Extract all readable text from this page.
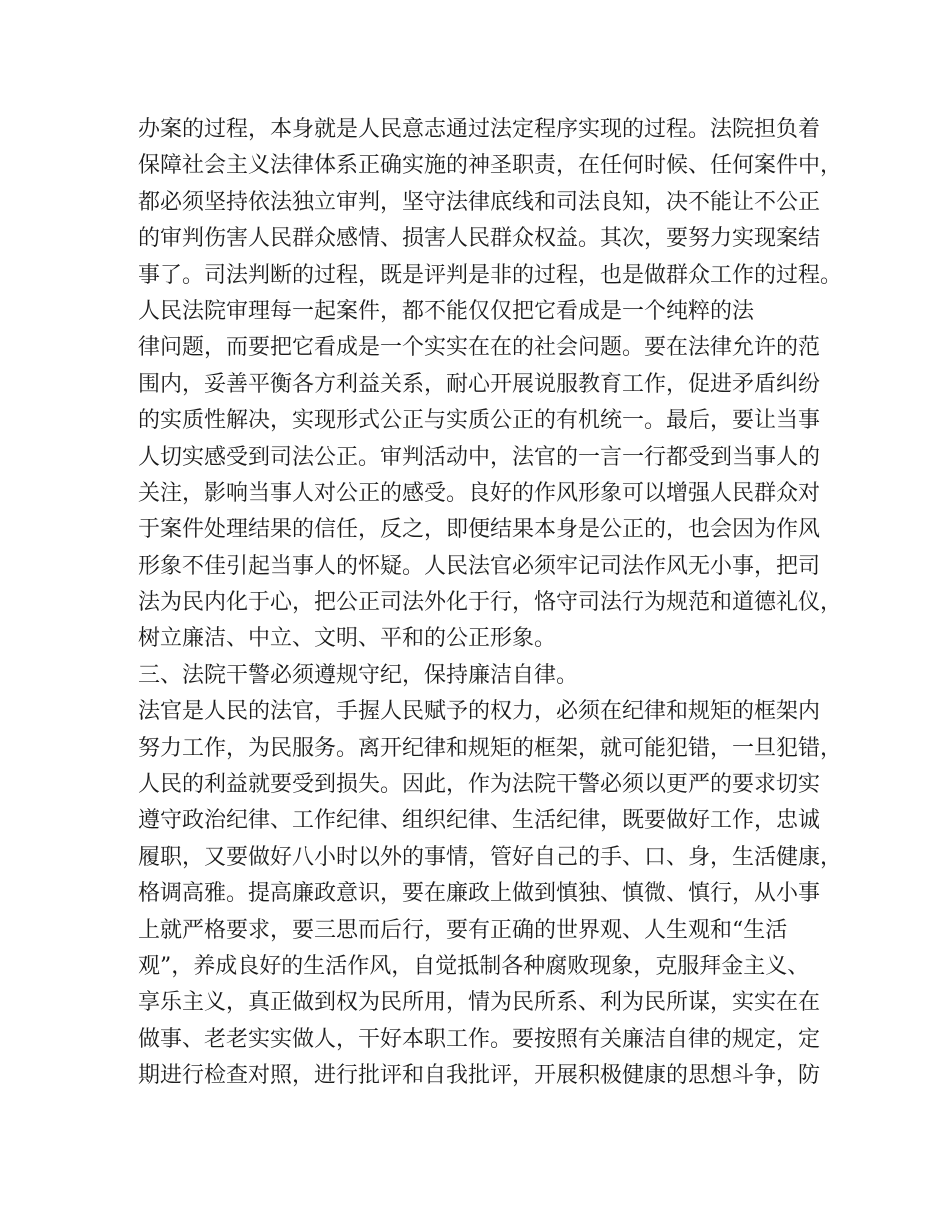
办案的过程，本身就是人民意志通过法定程序实现的过程。法院担负着
保障社会主义法律体系正确实施的神圣职责，在任何时候、任何案件中，
都必须坚持依法独立审判，坚守法律底线和司法良知，决不能让不公正
的审判伤害人民群众感情、损害人民群众权益。其次，要努力实现案结
事了。司法判断的过程，既是评判是非的过程，也是做群众工作的过程。
人民法院审理每一起案件，都不能仅仅把它看成是一个纯粹的法
律问题，而要把它看成是一个实实在在的社会问题。要在法律允许的范
围内，妥善平衡各方利益关系，耐心开展说服教育工作，促进矛盾纠纷
的实质性解决，实现形式公正与实质公正的有机统一。最后，要让当事
人切实感受到司法公正。审判活动中，法官的一言一行都受到当事人的
关注，影响当事人对公正的感受。良好的作风形象可以增强人民群众对
于案件处理结果的信任，反之，即便结果本身是公正的，也会因为作风
形象不佳引起当事人的怀疑。人民法官必须牢记司法作风无小事，把司
法为民内化于心，把公正司法外化于行，恪守司法行为规范和道德礼仪，
树立廉洁、中立、文明、平和的公正形象。
三、法院干警必须遵规守纪，保持廉洁自律。
法官是人民的法官，手握人民赋予的权力，必须在纪律和规矩的框架内
努力工作，为民服务。离开纪律和规矩的框架，就可能犯错，一旦犯错，
人民的利益就要受到损失。因此，作为法院干警必须以更严的要求切实
遵守政治纪律、工作纪律、组织纪律、生活纪律，既要做好工作，忠诚
履职，又要做好八小时以外的事情，管好自己的手、口、身，生活健康，
格调高雅。提高廉政意识，要在廉政上做到慎独、慎微、慎行，从小事
上就严格要求，要三思而后行，要有正确的世界观、人生观和“生活
观”，养成良好的生活作风，自觉抵制各种腐败现象，克服拜金主义、
享乐主义，真正做到权为民所用，情为民所系、利为民所谋，实实在在
做事、老老实实做人，干好本职工作。要按照有关廉洁自律的规定，定
期进行检查对照，进行批评和自我批评，开展积极健康的思想斗争，防
